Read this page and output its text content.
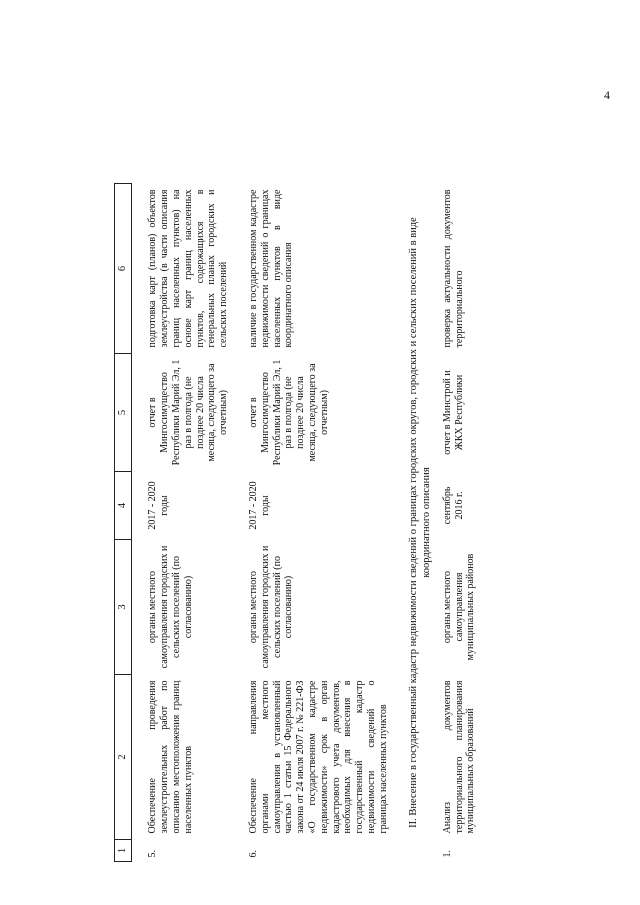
4
1	2	3	4	5	6

5.	Обеспечение проведения землеустроительных работ по описанию местоположения границ населенных пунктов	органы местного самоуправления городских и сельских поселений (по согласованию)	2017 - 2020 годы	отчет в Мингосимущество Республики Марий Эл, 1 раз в полгода (не позднее 20 числа месяца, следующего за отчетным)	подготовка карт (планов) объектов землеустройства (в части описания границ населенных пунктов) на основе карт границ населенных пунктов, содержащихся в генеральных планах городских и сельских поселений

6.	Обеспечение направления органами местного самоуправления в установленный частью 1 статьи 15 Федерального закона от 24 июля 2007 г. № 221-ФЗ «О государственном кадастре недвижимости» срок в орган кадастрового учета документов, необходимых для внесения в государственный кадастр недвижимости сведений о границах населенных пунктов	органы местного самоуправления городских и сельских поселений (по согласованию)	2017 - 2020 годы	отчет в Мингосимущество Республики Марий Эл, 1 раз в полгода (не позднее 20 числа месяца, следующего за отчетным)	наличие в государственном кадастре недвижимости сведений о границах населенных пунктов в виде координатного описания
II. Внесение в государственный кадастр недвижимости сведений о границах городских округов, городских и сельских поселений в виде координатного описания					
1.	Анализ документов территориального планирования муниципальных образований	органы местного самоуправления муниципальных районов	сентябрь 2016 г.	отчет в Минстрой и ЖКХ Республики	проверка актуальности документов территориального
